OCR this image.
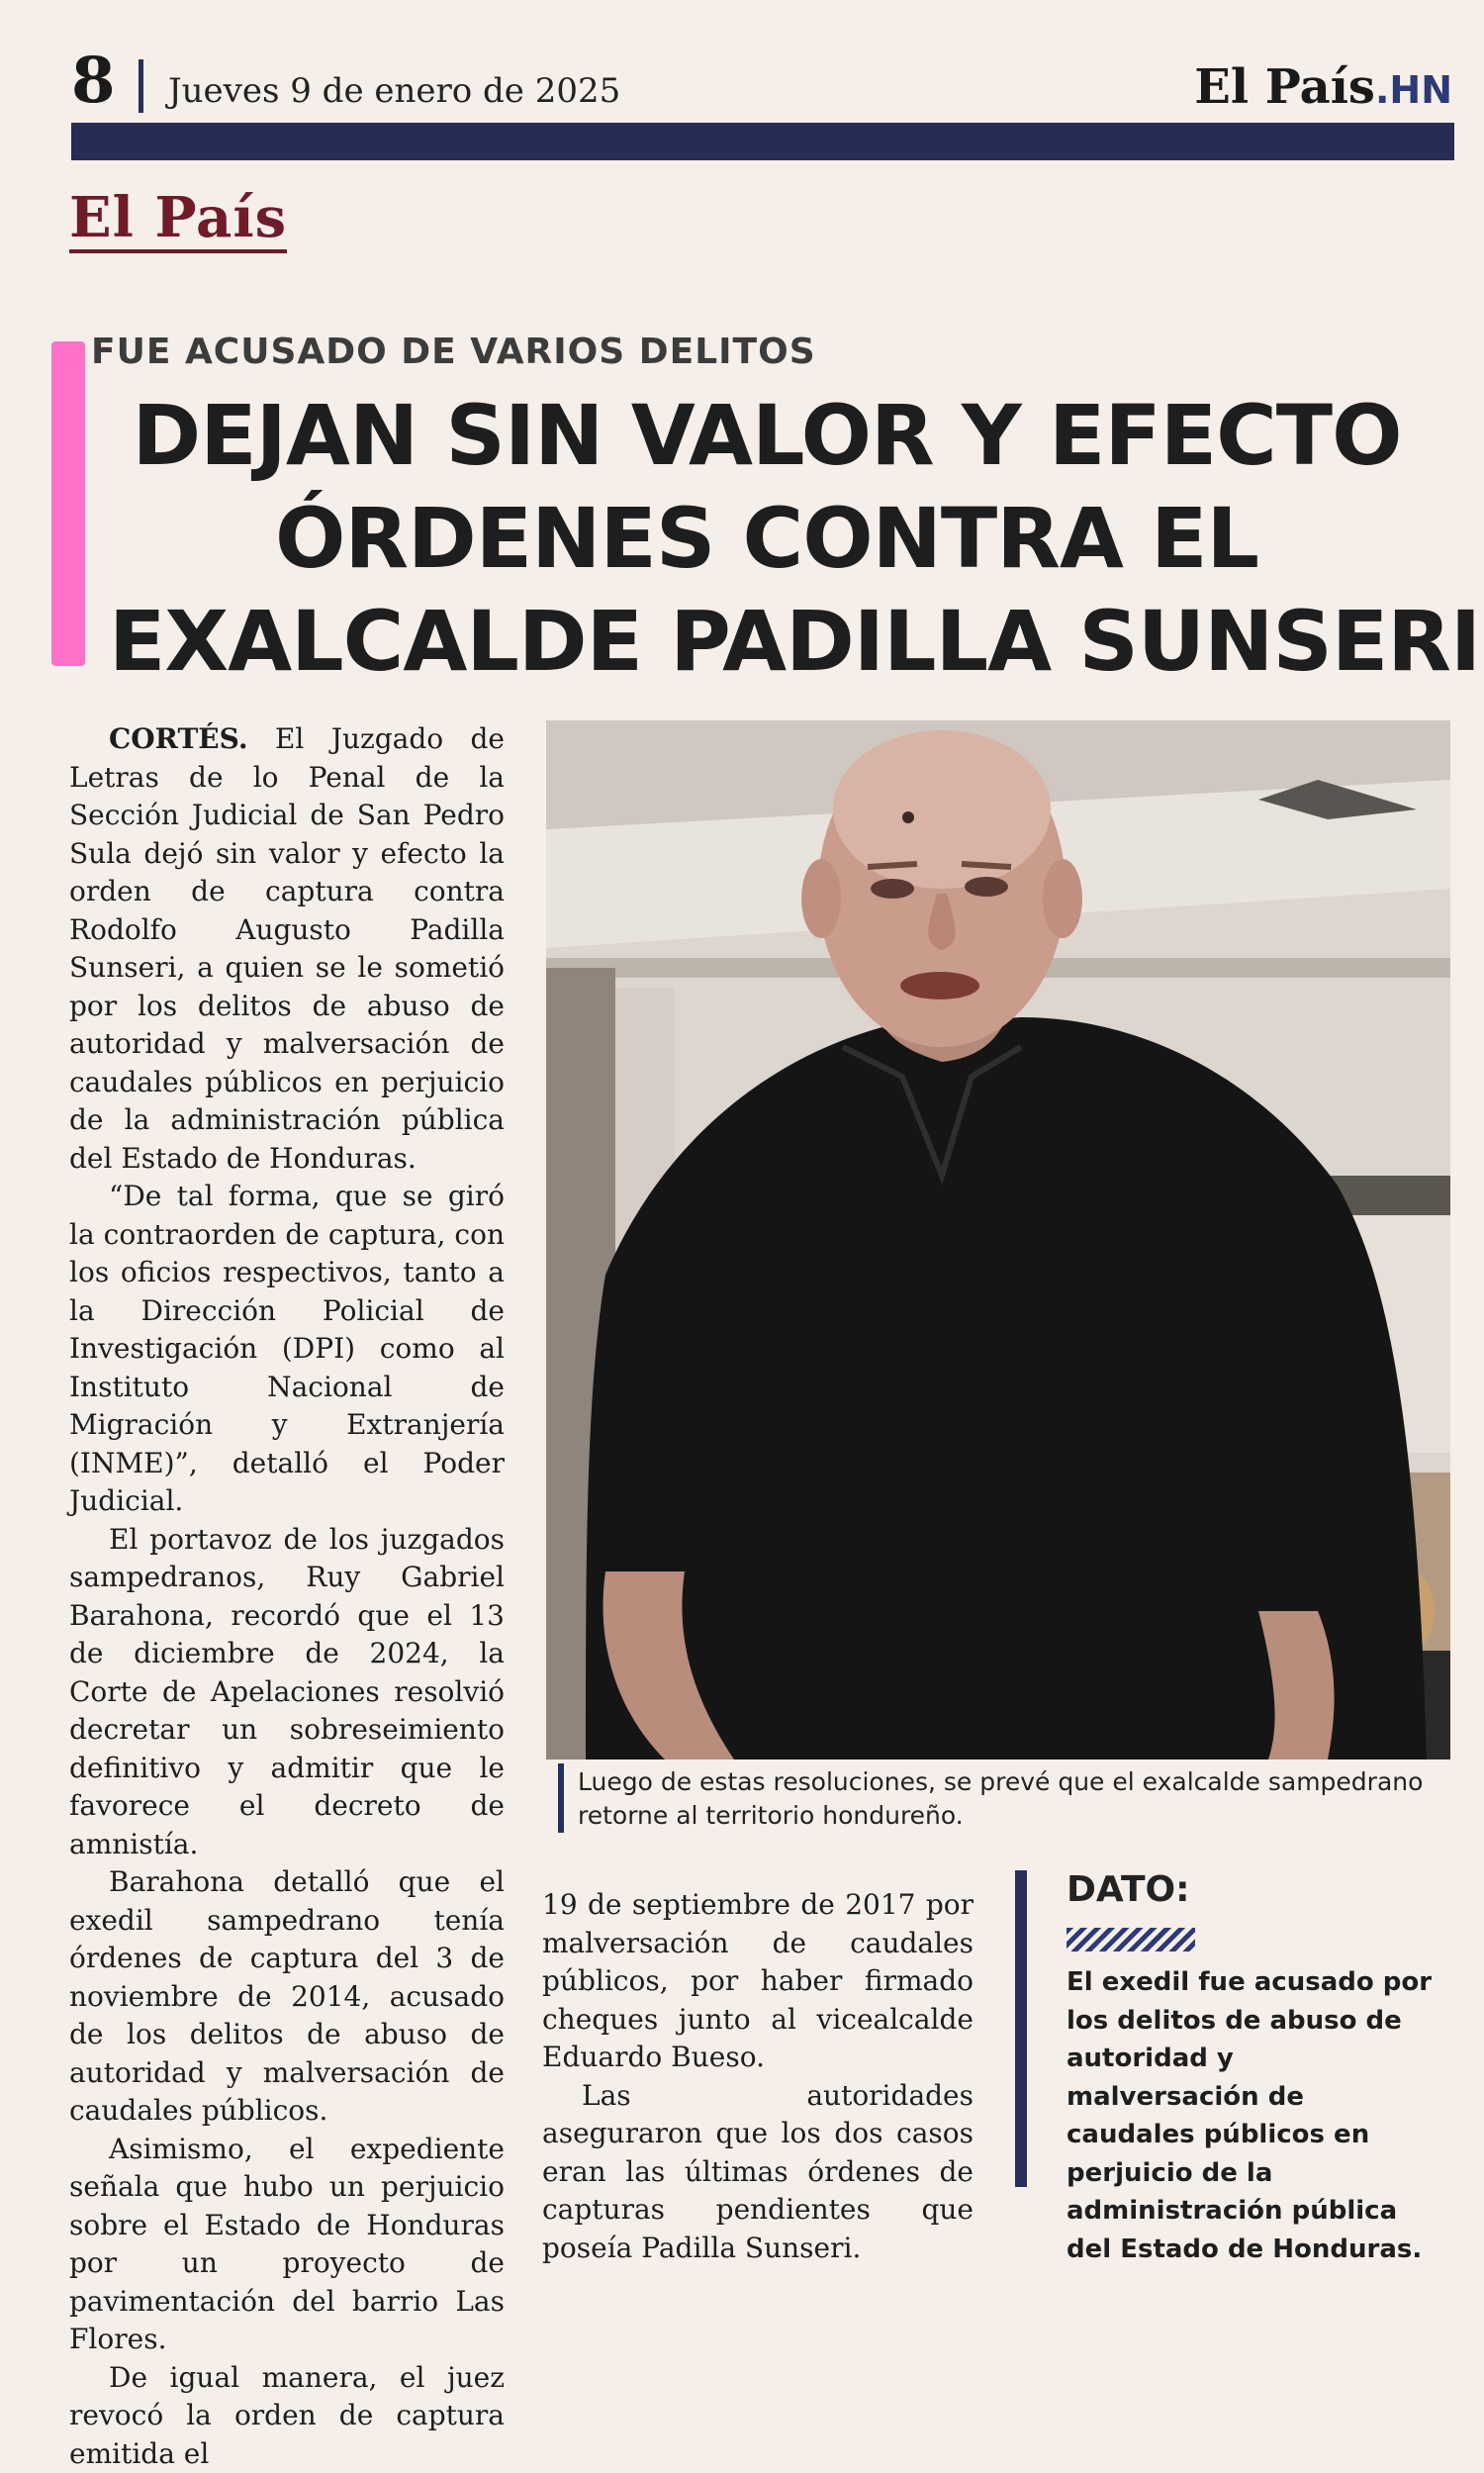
8 Jueves 9 de enero de 2025	El País.HN
El País
FUE ACUSADO DE VARIOS DELITOS
DEJAN SIN VALOR Y EFECTO
ÓRDENES CONTRA EL
EXALCALDE PADILLA SUNSERI
Luego de estas resoluciones, se prevé que el exalcalde sampedrano retorne al territorio hondureño.

CORTÉS. El Juzgado de Letras de lo Penal de la Sección Judicial de San Pedro Sula dejó sin valor y efecto la orden de captura contra Rodolfo Augusto Padilla Sunseri, a quien se le sometió por los delitos de abuso de autoridad y malversación de caudales públicos en perjuicio de la administración pública del Estado de Honduras.

“De tal forma, que se giró la contraorden de captura, con los oficios respectivos, tanto a la Dirección Policial de Investigación (DPI) como al Instituto Nacional de Migración y Extranjería (INME)”, detalló el Poder Judicial.

El portavoz de los juzgados sampedranos, Ruy Gabriel Barahona, recordó que el 13 de diciembre de 2024, la Corte de Apelaciones resolvió decretar un sobreseimiento definitivo y admitir que le favorece el decreto de amnistía.

Barahona detalló que el exedil sampedrano tenía órdenes de captura del 3 de noviembre de 2014, acusado de los delitos de abuso de autoridad y malversación de caudales públicos.

Asimismo, el expediente señala que hubo un perjuicio sobre el Estado de Honduras por un proyecto de pavimentación del barrio Las Flores.

De igual manera, el juez revocó la orden de captura emitida el

19 de septiembre de 2017 por malversación de caudales públicos, por haber firmado cheques junto al vicealcalde Eduardo Bueso.

Las autoridades aseguraron que los dos casos eran las últimas órdenes de capturas pendientes que poseía Padilla Sunseri.

DATO:
El exedil fue acusado por los delitos de abuso de autoridad y malversación de caudales públicos en perjuicio de la administración pública del Estado de Honduras.
